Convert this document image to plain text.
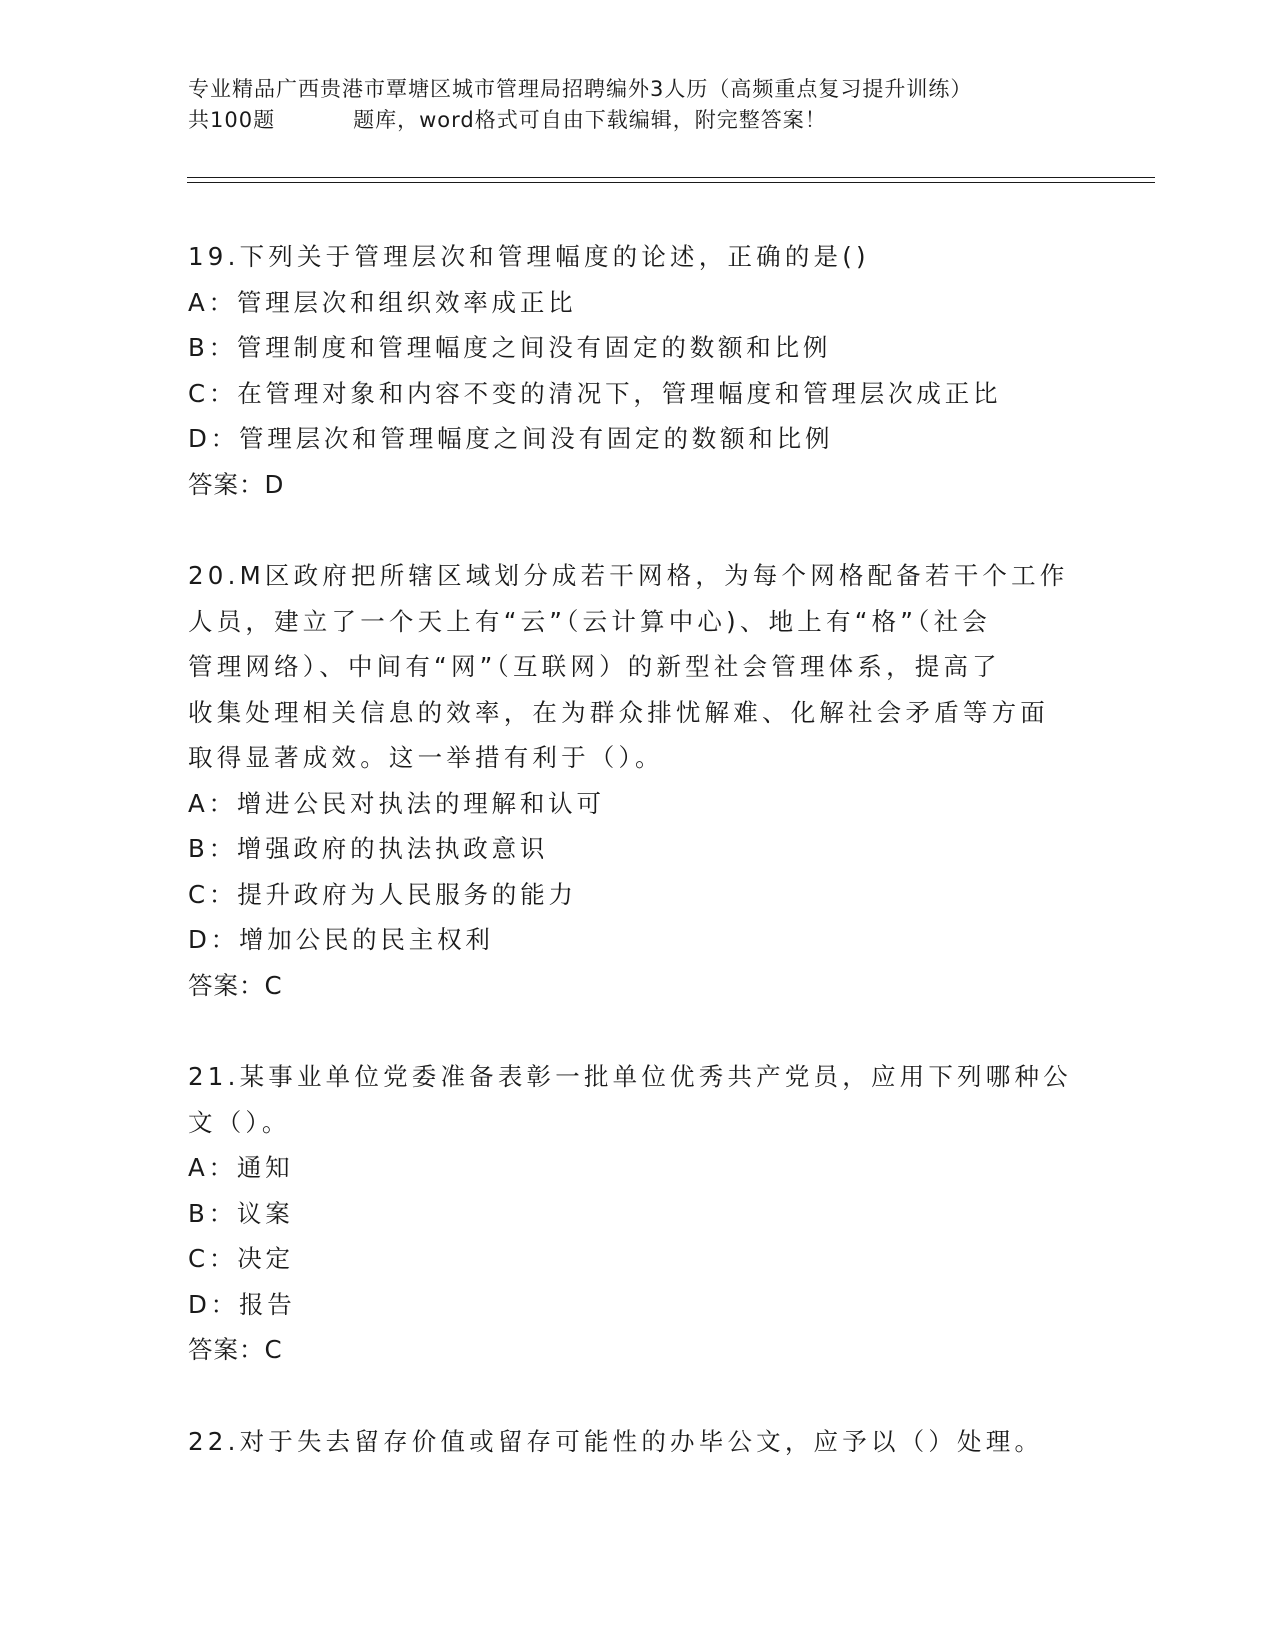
专业精品广西贵港市覃塘区城市管理局招聘编外3人历（高频重点复习提升训练）
共100题	题库，word格式可自由下载编辑，附完整答案！
19.下列关于管理层次和管理幅度的论述，正确的是()
A：管理层次和组织效率成正比
B：管理制度和管理幅度之间没有固定的数额和比例
C：在管理对象和内容不变的清况下，管理幅度和管理层次成正比
D：管理层次和管理幅度之间没有固定的数额和比例
答案：D
20.M区政府把所辖区域划分成若干网格，为每个网格配备若干个工作
人员，建立了一个天上有“云”（云计算中心)、地上有“格”（社会
管理网络）、中间有“网”（互联网）的新型社会管理体系，提高了
收集处理相关信息的效率，在为群众排忧解难、化解社会矛盾等方面
取得显著成效。这一举措有利于（）。
A：增进公民对执法的理解和认可
B：增强政府的执法执政意识
C：提升政府为人民服务的能力
D：增加公民的民主权利
答案：C
21.某事业单位党委准备表彰一批单位优秀共产党员，应用下列哪种公
文（）。
A：通知
B：议案
C：决定
D：报告
答案：C
22.对于失去留存价值或留存可能性的办毕公文，应予以（）处理。
